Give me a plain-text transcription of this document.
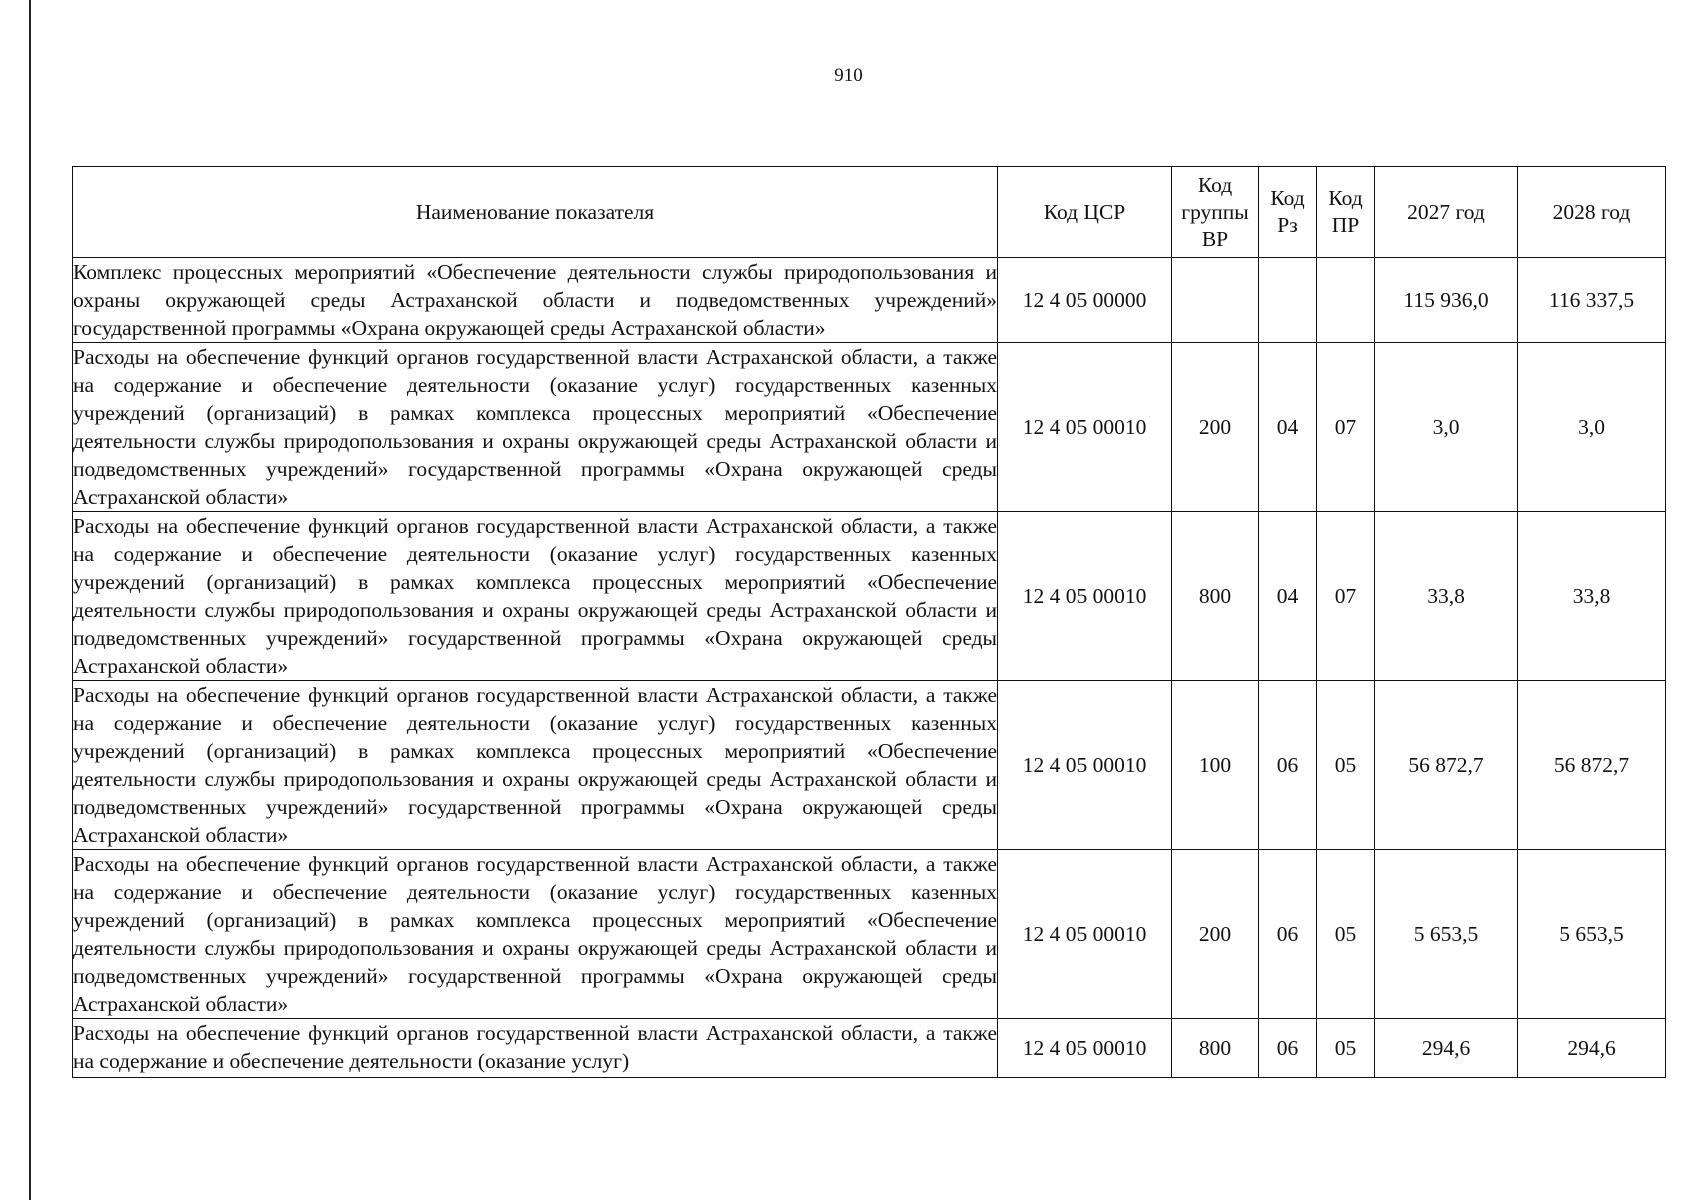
910
Наименование показателя	Код ЦСР	Код группы ВР	Код Рз	Код ПР	2027 год	2028 год
Комплекс процессных мероприятий «Обеспечение деятельности службы природопользования и охраны окружающей среды Астраханской области и подведомственных учреждений» государственной программы «Охрана окружающей среды Астраханской области»	12 4 05 00000				115 936,0	116 337,5
Расходы на обеспечение функций органов государственной власти Астраханской области, а также на содержание и обеспечение деятельности (оказание услуг) государственных казенных учреждений (организаций) в рамках комплекса процессных мероприятий «Обеспечение деятельности службы природопользования и охраны окружающей среды Астраханской области и подведомственных учреждений» государственной программы «Охрана окружающей среды Астраханской области»	12 4 05 00010	200	04	07	3,0	3,0
Расходы на обеспечение функций органов государственной власти Астраханской области, а также на содержание и обеспечение деятельности (оказание услуг) государственных казенных учреждений (организаций) в рамках комплекса процессных мероприятий «Обеспечение деятельности службы природопользования и охраны окружающей среды Астраханской области и подведомственных учреждений» государственной программы «Охрана окружающей среды Астраханской области»	12 4 05 00010	800	04	07	33,8	33,8
Расходы на обеспечение функций органов государственной власти Астраханской области, а также на содержание и обеспечение деятельности (оказание услуг) государственных казенных учреждений (организаций) в рамках комплекса процессных мероприятий «Обеспечение деятельности службы природопользования и охраны окружающей среды Астраханской области и подведомственных учреждений» государственной программы «Охрана окружающей среды Астраханской области»	12 4 05 00010	100	06	05	56 872,7	56 872,7
Расходы на обеспечение функций органов государственной власти Астраханской области, а также на содержание и обеспечение деятельности (оказание услуг) государственных казенных учреждений (организаций) в рамках комплекса процессных мероприятий «Обеспечение деятельности службы природопользования и охраны окружающей среды Астраханской области и подведомственных учреждений» государственной программы «Охрана окружающей среды Астраханской области»	12 4 05 00010	200	06	05	5 653,5	5 653,5

Расходы на обеспечение функций органов государственной власти Астраханской области, а также на содержание и обеспечение деятельности (оказание услуг)	12 4 05 00010	800	06	05	294,6	294,6
